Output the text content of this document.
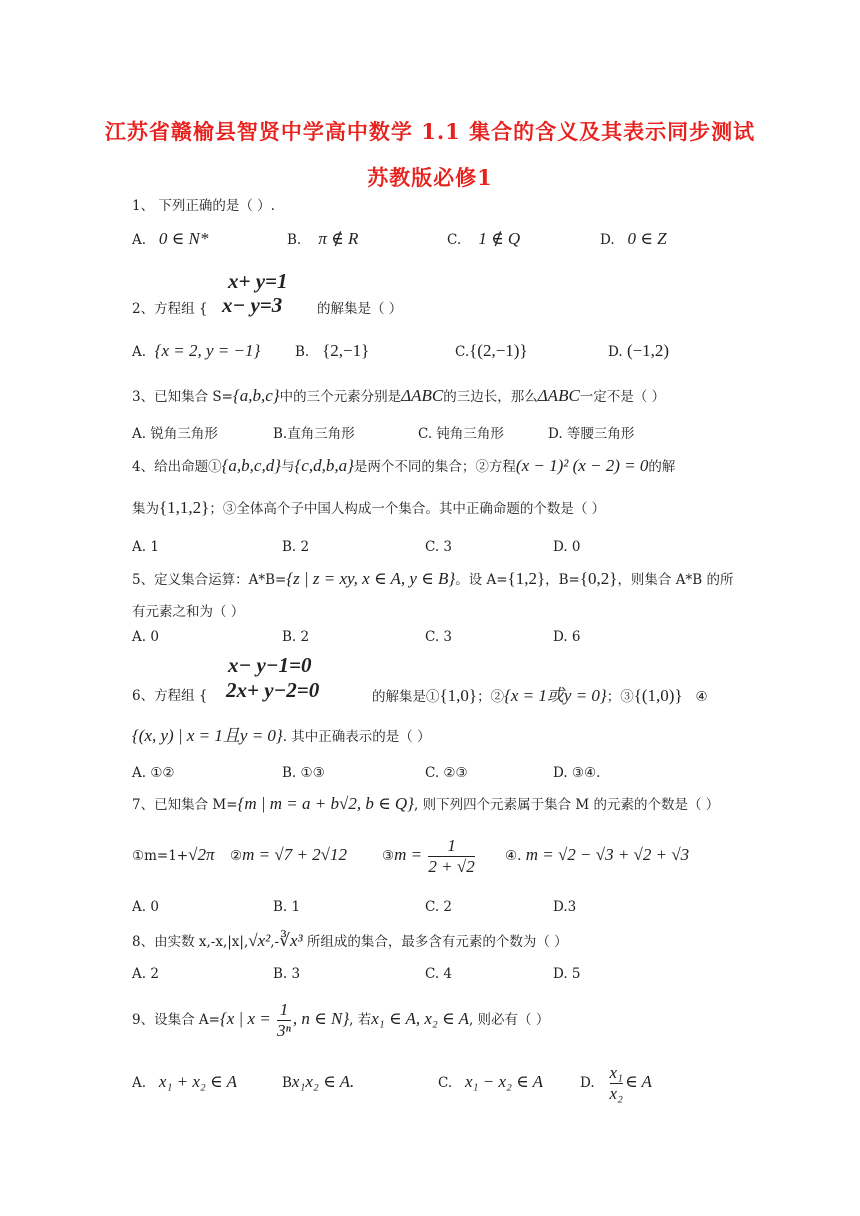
江苏省赣榆县智贤中学高中数学 1.1 集合的含义及其表示同步测试
苏教版必修1
1、 下列正确的是（ ）.
A. 0 ∈ N*	B. π ∉ R	C. 1 ∉ Q	D. 0 ∈ Z
x+ y=1
2、方程组 { x− y=3	的解集是（ ）
A. {x = 2, y = −1}	B. {2,−1}	C.{(2,−1)}	D. (−1,2)
3、已知集合 S={a,b,c}中的三个元素分别是ΔABC的三边长，那么ΔABC一定不是（ ）
A. 锐角三角形	B.直角三角形	C. 钝角三角形	D. 等腰三角形
4、给出命题①{a,b,c,d}与{c,d,b,a}是两个不同的集合；②方程(x − 1)² (x − 2) = 0的解
集为{1,1,2}；③全体高个子中国人构成一个集合。其中正确命题的个数是（ ）
A. 1	B. 2	C. 3	D. 0
5、定义集合运算：A*B={z | z = xy, x ∈ A, y ∈ B}。设 A={1,2}，B={0,2}，则集合 A*B 的所
有元素之和为（ ）
A. 0	B. 2	C. 3	D. 6
x− y−1=0
6、方程组 { 2x+ y−2=0	的解集是①{1,0}；②{x = 1或y = 0}；③{(1,0)} ④
{(x, y) | x = 1且y = 0}. 其中正确表示的是（ ）
A. ①②	B. ①③	C. ②③	D. ③④.
7、已知集合 M={m | m = a + b√2, b ∈ Q}, 则下列四个元素属于集合 M 的元素的个数是（ ）
①m=1+√2π ②m = √7 + 2√12	③m = $\frac{1}{2 + √2}$ ④. m = √2 − √3 + √2 + √3
A. 0	B. 1	C. 2	D.3
8、由实数 x,-x,|x|,√x²,-∛x³ 所组成的集合，最多含有元素的个数为（ ）
A. 2	B. 3	C. 4	D. 5
9、设集合 A={x | $x = \frac{1}{\text{3ⁿ}}$ , n ∈ N}, 若x₁ ∈ A, x₂ ∈ A, 则必有（ ）
A. x₁ + x₂ ∈ A	Bx₁x₂ ∈ A.	C. x₁ − x₂ ∈ A	D. $\frac{\text{x₁}}{\text{x₂}}$ ∈ A
